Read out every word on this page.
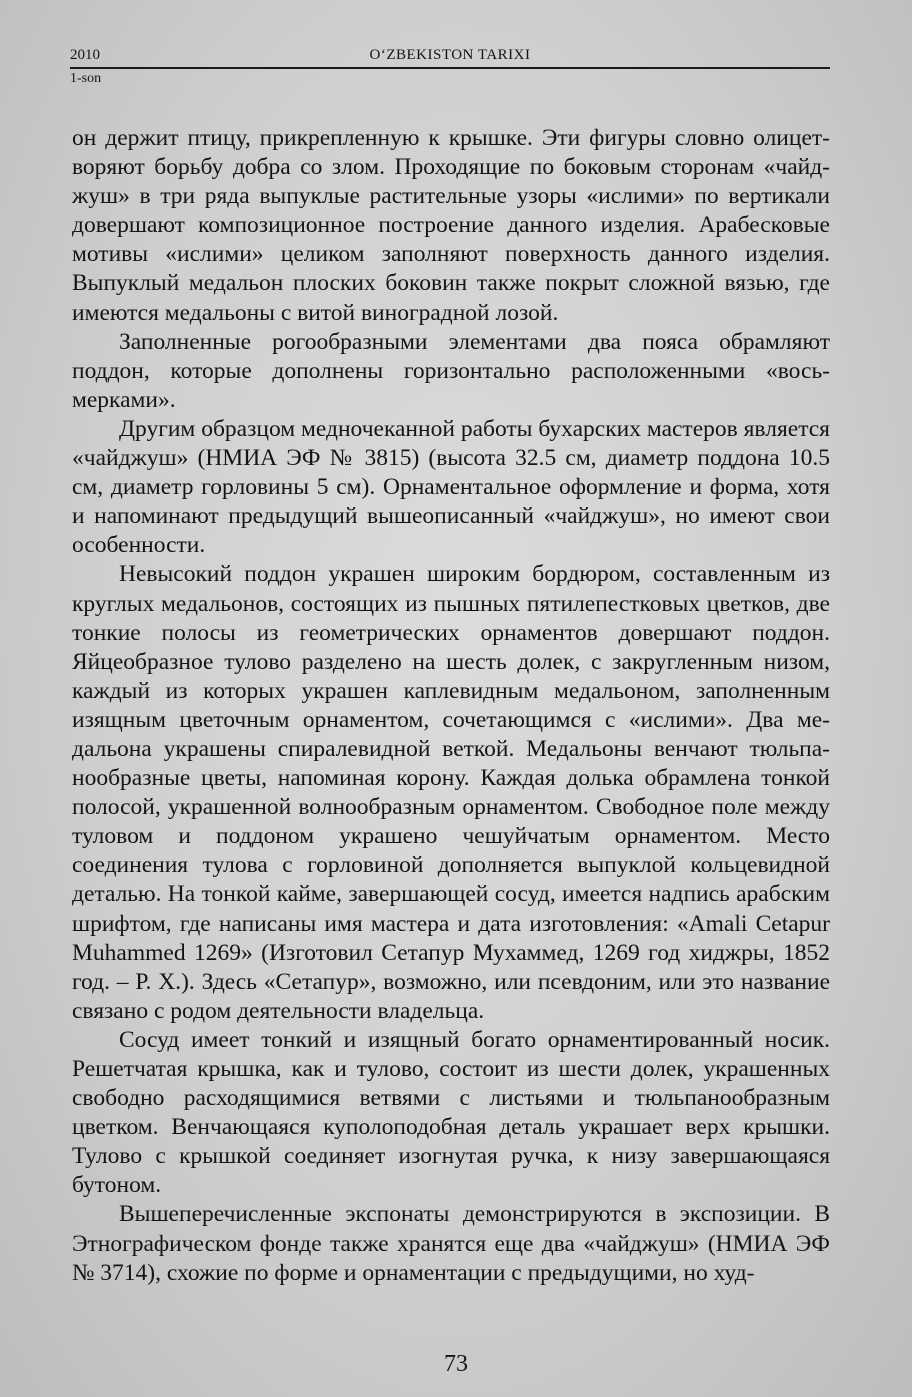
2010	O‘ZBEKISTON TARIXI
1-son

он держит птицу, прикрепленную к крышке. Эти фигуры словно олицетворяют борьбу добра со злом. Проходящие по боковым сторонам «чайджуш» в три ряда выпуклые растительные узоры «ислими» по вертикали довершают композиционное построение данного изделия. Арабесковые мотивы «ислими» целиком заполняют поверхность данного изделия. Выпуклый медальон плоских боковин также покрыт сложной вязью, где имеются медальоны с витой виноградной лозой.

Заполненные рогообразными элементами два пояса обрамляют поддон, которые дополнены горизонтально расположенными «восьмерками».

Другим образцом медночеканной работы бухарских мастеров является «чайджуш» (НМИА ЭФ № 3815) (высота 32.5 см, диаметр поддона 10.5 см, диаметр горловины 5 см). Орнаментальное оформление и форма, хотя и напоминают предыдущий вышеописанный «чайджуш», но имеют свои особенности.

Невысокий поддон украшен широким бордюром, составленным из круглых медальонов, состоящих из пышных пятилепестковых цветков, две тонкие полосы из геометрических орнаментов довершают поддон. Яйцеобразное тулово разделено на шесть долек, с закругленным низом, каждый из которых украшен каплевидным медальоном, заполненным изящным цветочным орнаментом, сочетающимся с «ислими». Два медальона украшены спиралевидной веткой. Медальоны венчают тюльпанообразные цветы, напоминая корону. Каждая долька обрамлена тонкой полосой, украшенной волнообразным орнаментом. Свободное поле между туловом и поддоном украшено чешуйчатым орнаментом. Место соединения тулова с горловиной дополняется выпуклой кольцевидной деталью. На тонкой кайме, завершающей сосуд, имеется надпись арабским шрифтом, где написаны имя мастера и дата изготовления: «Amali Cetapur Muhammed 1269» (Изготовил Сетапур Мухаммед, 1269 год хиджры, 1852 год. – Р. Х.). Здесь «Сетапур», возможно, или псевдоним, или это название связано с родом деятельности владельца.

Сосуд имеет тонкий и изящный богато орнаментированный носик. Решетчатая крышка, как и тулово, состоит из шести долек, украшенных свободно расходящимися ветвями с листьями и тюльпанообразным цветком. Венчающаяся куполоподобная деталь украшает верх крышки. Тулово с крышкой соединяет изогнутая ручка, к низу завершающаяся бутоном.

Вышеперечисленные экспонаты демонстрируются в экспозиции. В Этнографическом фонде также хранятся еще два «чайджуш» (НМИА ЭФ № 3714), схожие по форме и орнаментации с предыдущими, но худ-

73
